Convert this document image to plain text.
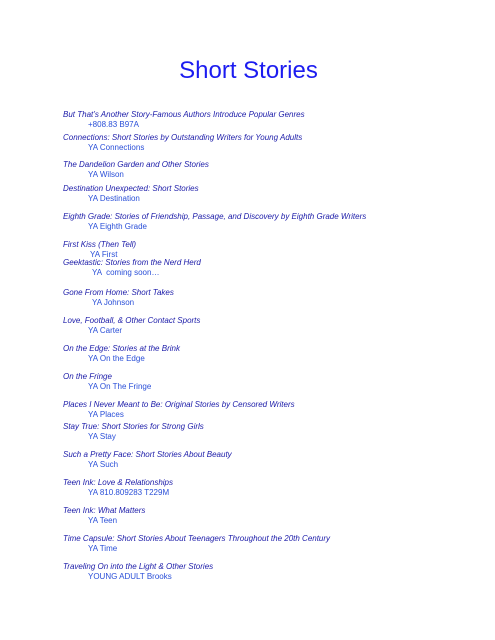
Short Stories
But That’s Another Story-Famous Authors Introduce Popular Genres
+808.83 B97A
Connections: Short Stories by Outstanding Writers for Young Adults
YA Connections
The Dandelion Garden and Other Stories
YA Wilson
Destination Unexpected: Short Stories
YA Destination
Eighth Grade: Stories of Friendship, Passage, and Discovery by Eighth Grade Writers
YA Eighth Grade
First Kiss (Then Tell)
YA First
Geektastic: Stories from the Nerd Herd
YA  coming soon…
Gone From Home: Short Takes
YA Johnson
Love, Football, & Other Contact Sports
YA Carter
On the Edge: Stories at the Brink
YA On the Edge
On the Fringe
YA On The Fringe
Places I Never Meant to Be: Original Stories by Censored Writers
YA Places
Stay True: Short Stories for Strong Girls
YA Stay
Such a Pretty Face: Short Stories About Beauty
YA Such
Teen Ink: Love & Relationships
YA 810.809283 T229M
Teen Ink: What Matters
YA Teen
Time Capsule: Short Stories About Teenagers Throughout the 20th Century
YA Time
Traveling On into the Light & Other Stories
YOUNG ADULT Brooks
